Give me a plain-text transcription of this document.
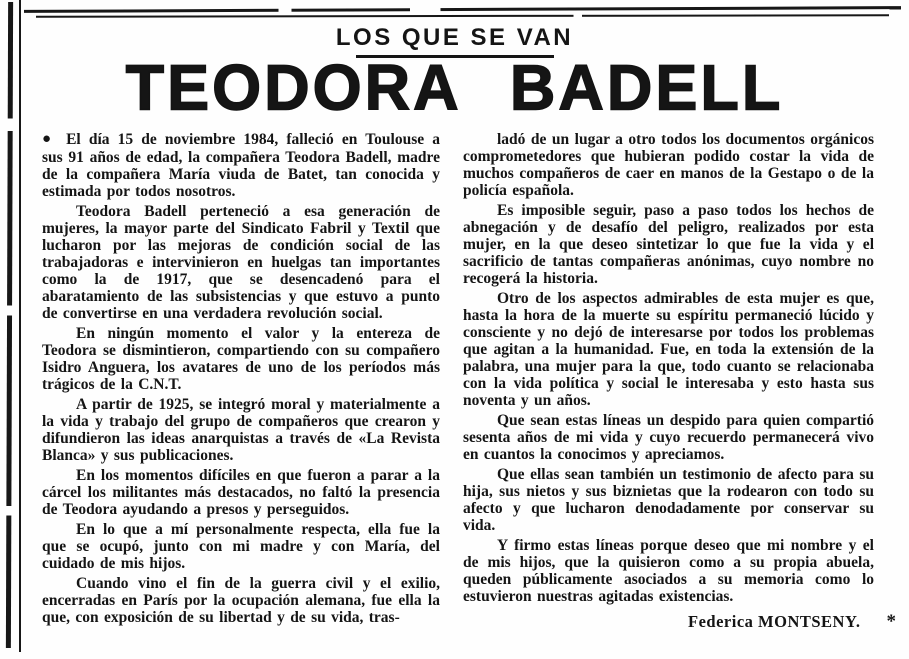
LOS QUE SE VAN
TEODORA BADELL

● El día 15 de noviembre 1984, falleció en Toulouse a sus 91 años de edad, la compañera Teodora Badell, madre de la compañera María viuda de Batet, tan conocida y estimada por todos nosotros.

Teodora Badell perteneció a esa generación de mujeres, la mayor parte del Sindicato Fabril y Textil que lucharon por las mejoras de condición social de las trabajadoras e intervinieron en huelgas tan importantes como la de 1917, que se desencadenó para el abaratamiento de las subsistencias y que estuvo a punto de convertirse en una verdadera revolución social.

En ningún momento el valor y la entereza de Teodora se dismintieron, compartiendo con su compañero Isidro Anguera, los avatares de uno de los períodos más trágicos de la C.N.T.

A partir de 1925, se integró moral y materialmente a la vida y trabajo del grupo de compañeros que crearon y difundieron las ideas anarquistas a través de «La Revista Blanca» y sus publicaciones.

En los momentos difíciles en que fueron a parar a la cárcel los militantes más destacados, no faltó la presencia de Teodora ayudando a presos y perseguidos.

En lo que a mí personalmente respecta, ella fue la que se ocupó, junto con mi madre y con María, del cuidado de mis hijos.

Cuando vino el fin de la guerra civil y el exilio, encerradas en París por la ocupación alemana, fue ella la que, con exposición de su libertad y de su vida, tras-

ladó de un lugar a otro todos los documentos orgánicos comprometedores que hubieran podido costar la vida de muchos compañeros de caer en manos de la Gestapo o de la policía española.

Es imposible seguir, paso a paso todos los hechos de abnegación y de desafío del peligro, realizados por esta mujer, en la que deseo sintetizar lo que fue la vida y el sacrificio de tantas compañeras anónimas, cuyo nombre no recogerá la historia.

Otro de los aspectos admirables de esta mujer es que, hasta la hora de la muerte su espíritu permaneció lúcido y consciente y no dejó de interesarse por todos los problemas que agitan a la humanidad. Fue, en toda la extensión de la palabra, una mujer para la que, todo cuanto se relacionaba con la vida política y social le interesaba y esto hasta sus noventa y un años.

Que sean estas líneas un despido para quien compartió sesenta años de mi vida y cuyo recuerdo permanecerá vivo en cuantos la conocimos y apreciamos.

Que ellas sean también un testimonio de afecto para su hija, sus nietos y sus biznietas que la rodearon con todo su afecto y que lucharon denodadamente por conservar su vida.

Y firmo estas líneas porque deseo que mi nombre y el de mis hijos, que la quisieron como a su propia abuela, queden públicamente asociados a su memoria como lo estuvieron nuestras agitadas existencias.

Federica MONTSENY. *
